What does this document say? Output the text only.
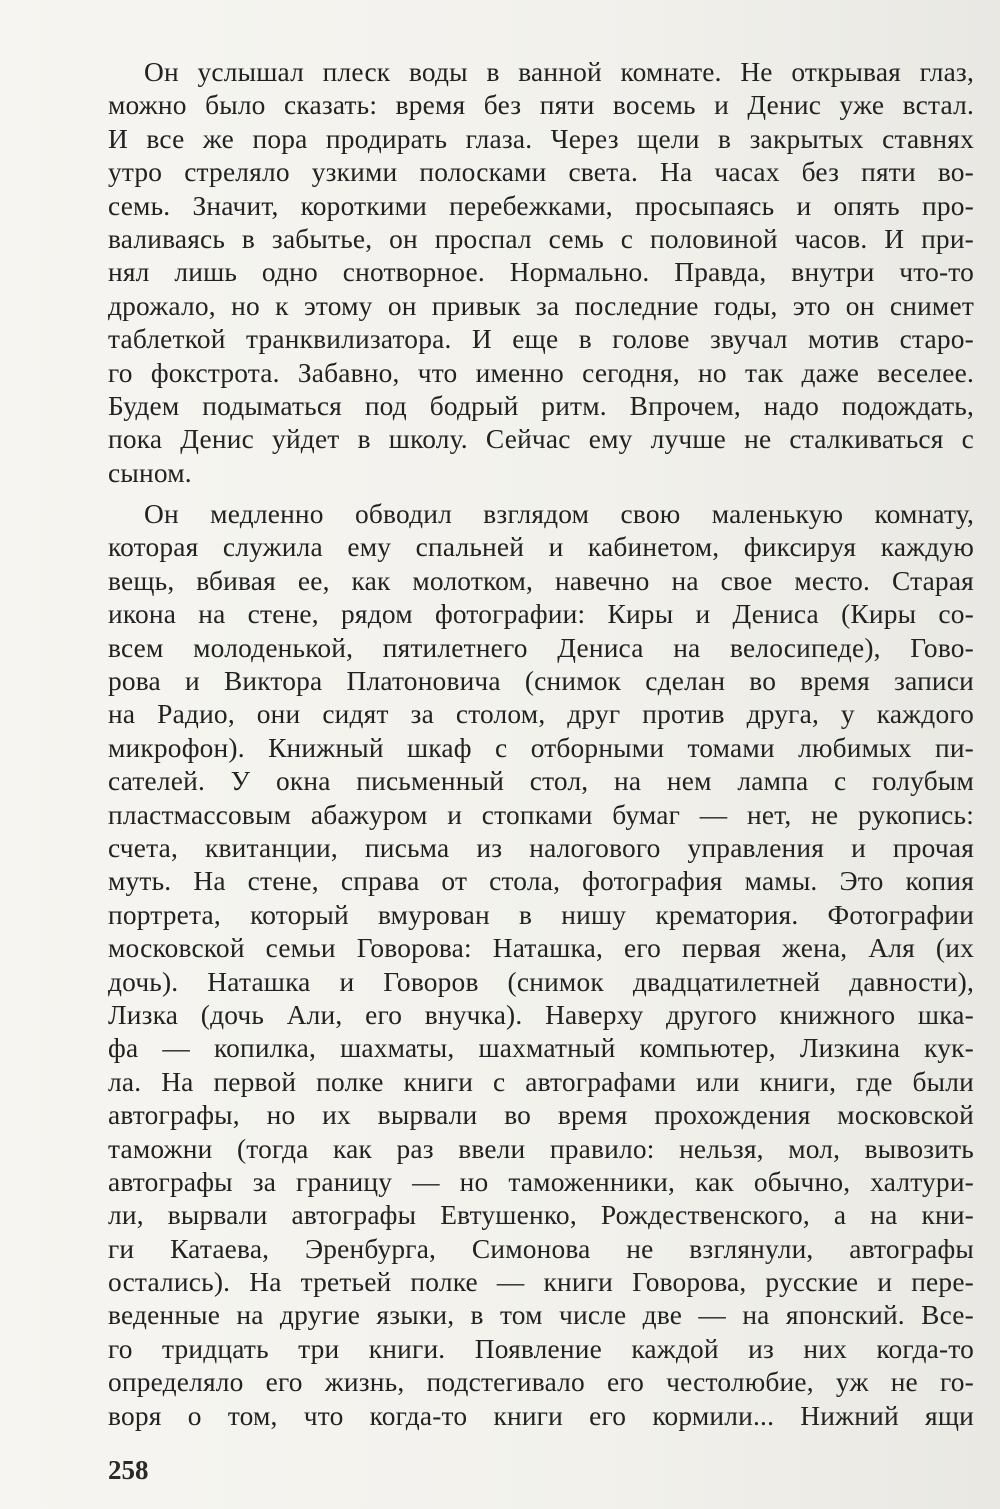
Он услышал плеск воды в ванной комнате. Не открывая глаз,
можно было сказать: время без пяти восемь и Денис уже встал.
И все же пора продирать глаза. Через щели в закрытых ставнях
утро стреляло узкими полосками света. На часах без пяти во-
семь. Значит, короткими перебежками, просыпаясь и опять про-
валиваясь в забытье, он проспал семь с половиной часов. И при-
нял лишь одно снотворное. Нормально. Правда, внутри что-то
дрожало, но к этому он привык за последние годы, это он снимет
таблеткой транквилизатора. И еще в голове звучал мотив старо-
го фокстрота. Забавно, что именно сегодня, но так даже веселее.
Будем подыматься под бодрый ритм. Впрочем, надо подождать,
пока Денис уйдет в школу. Сейчас ему лучше не сталкиваться с
сыном.

Он медленно обводил взглядом свою маленькую комнату,
которая служила ему спальней и кабинетом, фиксируя каждую
вещь, вбивая ее, как молотком, навечно на свое место. Старая
икона на стене, рядом фотографии: Киры и Дениса (Киры со-
всем молоденькой, пятилетнего Дениса на велосипеде), Гово-
рова и Виктора Платоновича (снимок сделан во время записи
на Радио, они сидят за столом, друг против друга, у каждого
микрофон). Книжный шкаф с отборными томами любимых пи-
сателей. У окна письменный стол, на нем лампа с голубым
пластмассовым абажуром и стопками бумаг — нет, не рукопись:
счета, квитанции, письма из налогового управления и прочая
муть. На стене, справа от стола, фотография мамы. Это копия
портрета, который вмурован в нишу крематория. Фотографии
московской семьи Говорова: Наташка, его первая жена, Аля (их
дочь). Наташка и Говоров (снимок двадцатилетней давности),
Лизка (дочь Али, его внучка). Наверху другого книжного шка-
фа — копилка, шахматы, шахматный компьютер, Лизкина кук-
ла. На первой полке книги с автографами или книги, где были
автографы, но их вырвали во время прохождения московской
таможни (тогда как раз ввели правило: нельзя, мол, вывозить
автографы за границу — но таможенники, как обычно, халтури-
ли, вырвали автографы Евтушенко, Рождественского, а на кни-
ги Катаева, Эренбурга, Симонова не взглянули, автографы
остались). На третьей полке — книги Говорова, русские и пере-
веденные на другие языки, в том числе две — на японский. Все-
го тридцать три книги. Появление каждой из них когда-то
определяло его жизнь, подстегивало его честолюбие, уж не го-
воря о том, что когда-то книги его кормили... Нижний ящи

258
